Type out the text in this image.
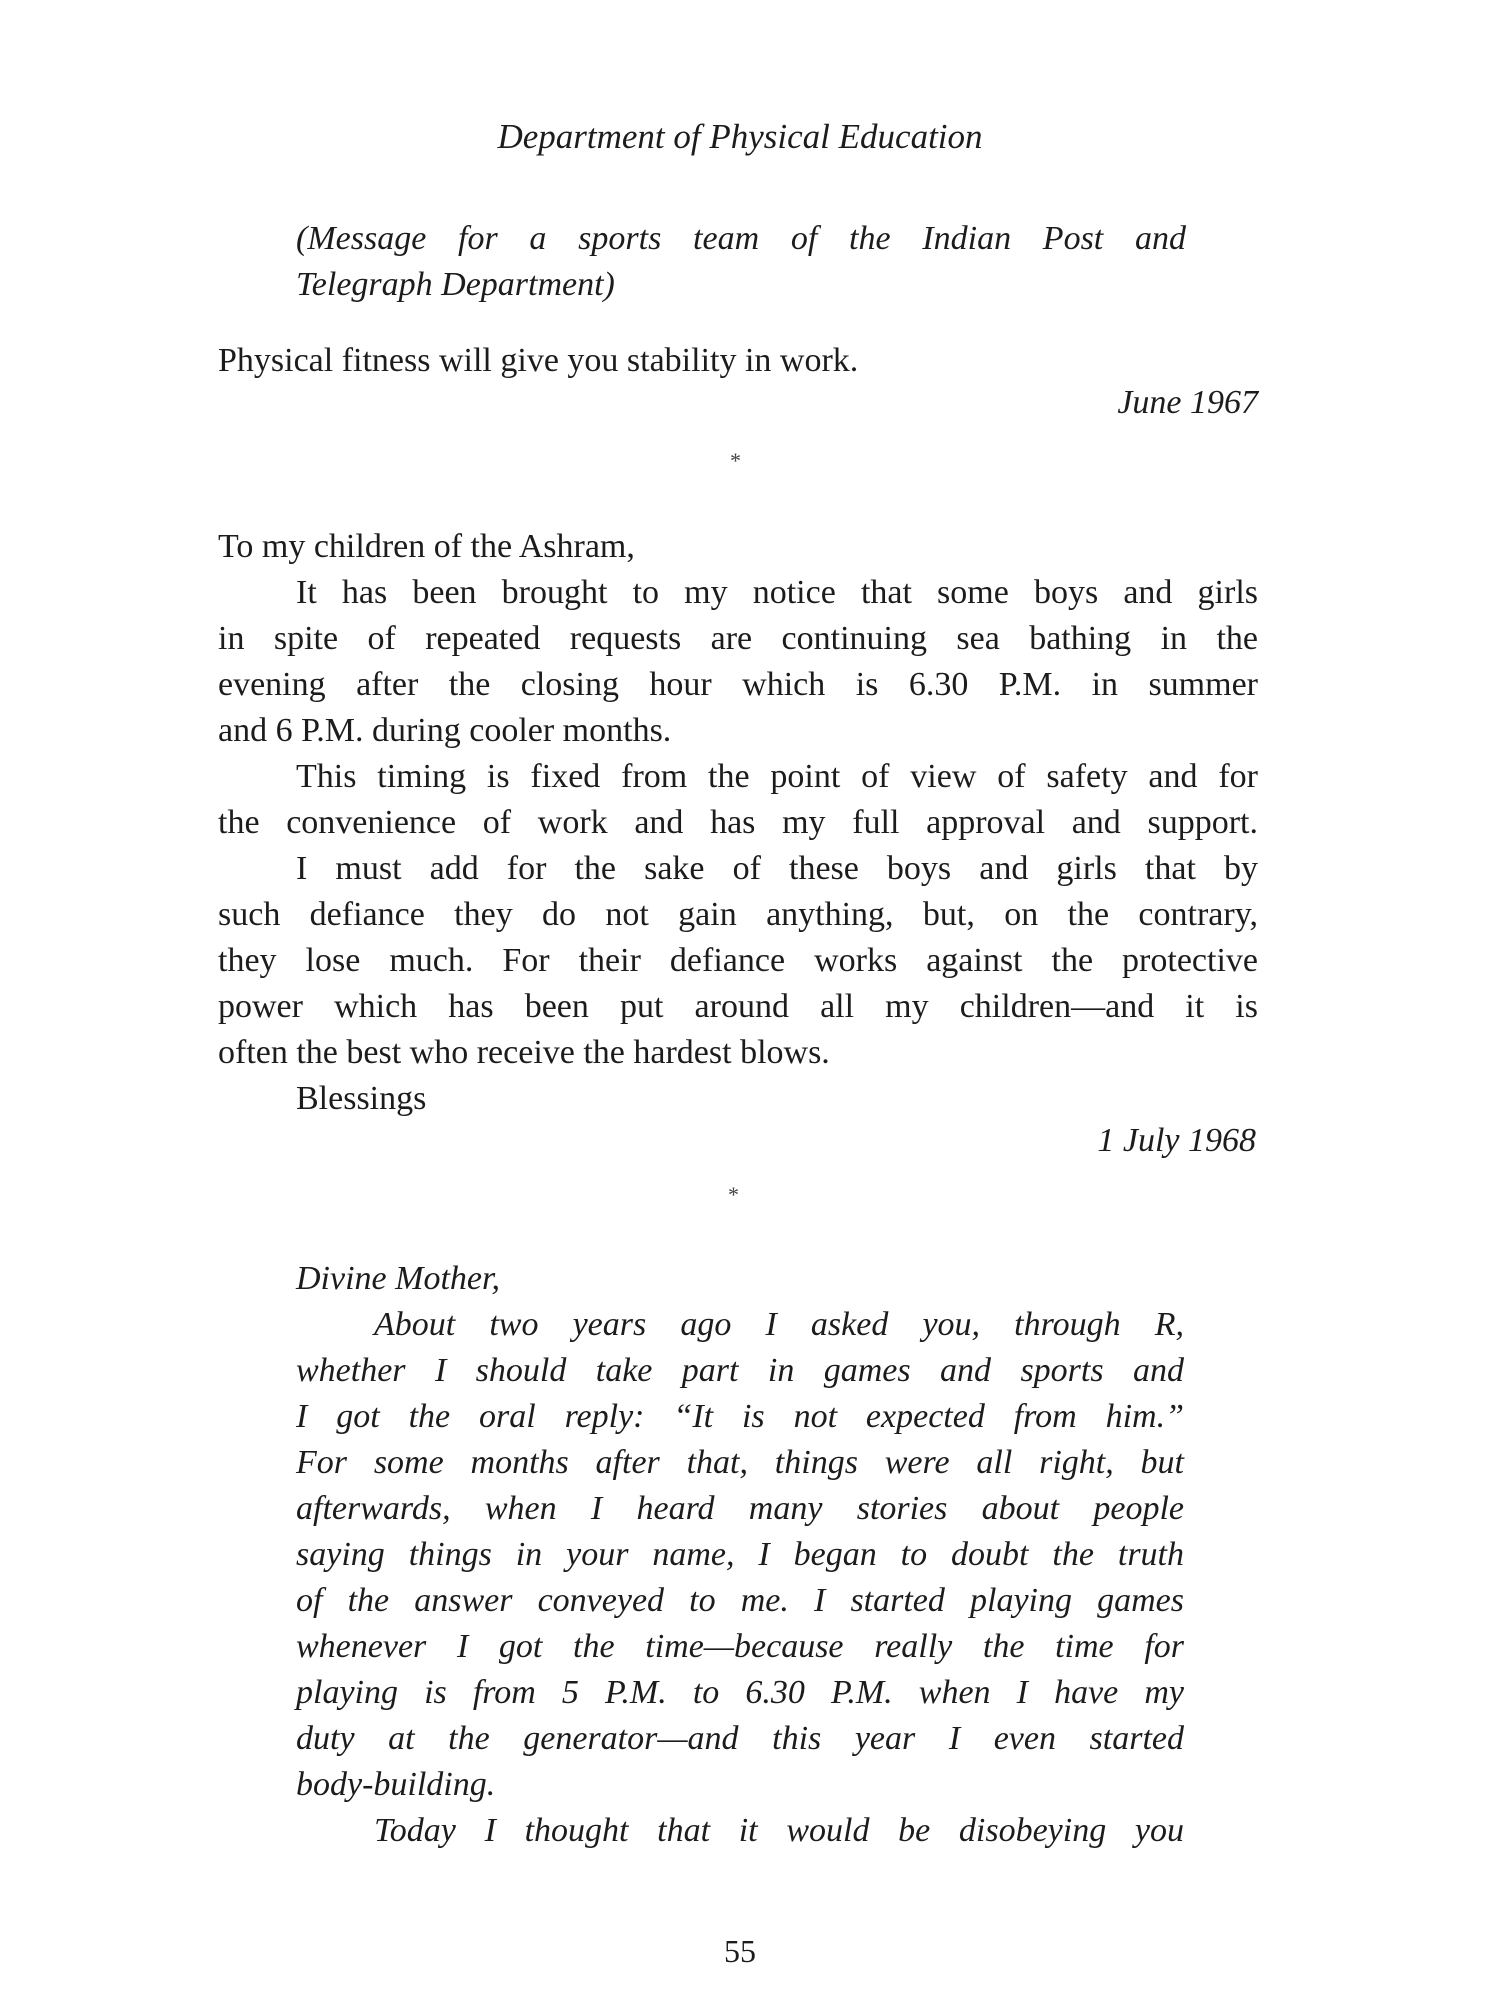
Department of Physical Education
(Message for a sports team of the Indian Post and
Telegraph Department)
Physical fitness will give you stability in work.
June 1967
*
To my children of the Ashram,
It has been brought to my notice that some boys and girls
in spite of repeated requests are continuing sea bathing in the
evening after the closing hour which is 6.30 P.M. in summer
and 6 P.M. during cooler months.
This timing is fixed from the point of view of safety and for
the convenience of work and has my full approval and support.
I must add for the sake of these boys and girls that by
such defiance they do not gain anything, but, on the contrary,
they lose much. For their defiance works against the protective
power which has been put around all my children—and it is
often the best who receive the hardest blows.
Blessings
1 July 1968
*
Divine Mother,
About two years ago I asked you, through R,
whether I should take part in games and sports and
I got the oral reply: “It is not expected from him.”
For some months after that, things were all right, but
afterwards, when I heard many stories about people
saying things in your name, I began to doubt the truth
of the answer conveyed to me. I started playing games
whenever I got the time—because really the time for
playing is from 5 P.M. to 6.30 P.M. when I have my
duty at the generator—and this year I even started
body-building.
Today I thought that it would be disobeying you
55
